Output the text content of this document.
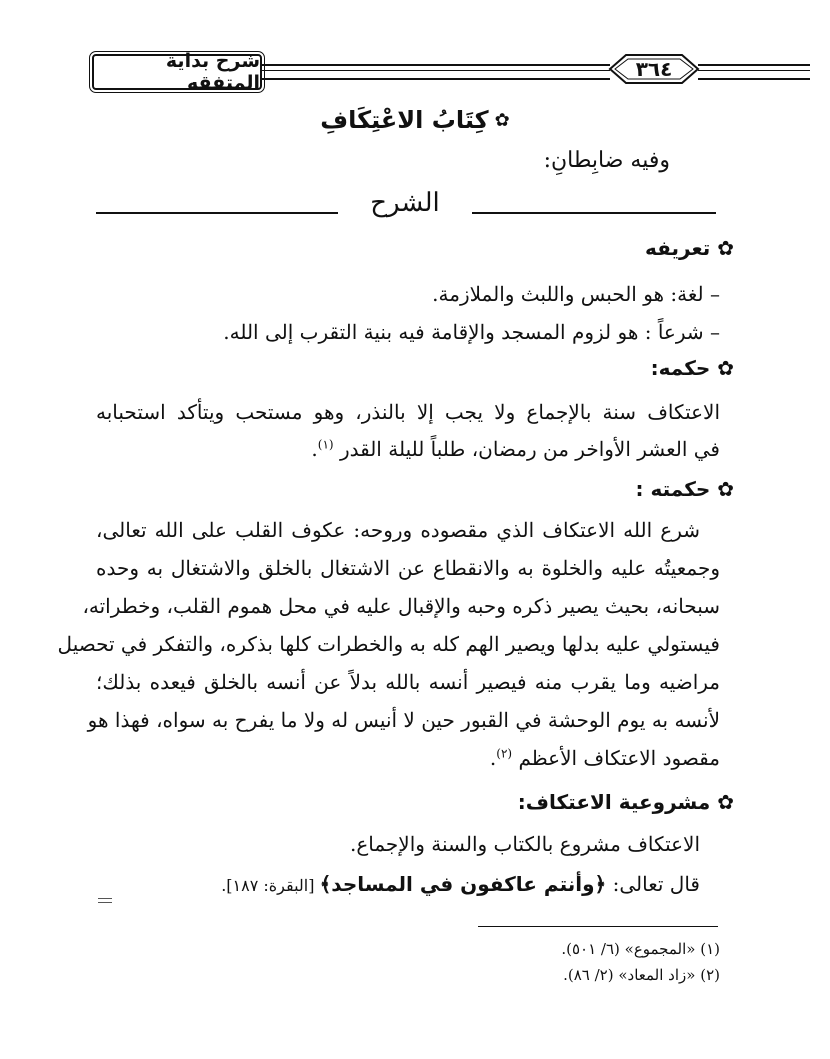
شرح بداية المتفقه
٣٦٤
✿
كِتَابُ الاعْتِكَافِ
وفيه ضابِطانِ:
الشرح
✿ تعريفه
– لغة: هو الحبس واللبث والملازمة.
– شرعاً : هو لزوم المسجد والإقامة فيه بنية التقرب إلى الله.
✿ حكمه:
الاعتكاف سنة بالإجماع ولا يجب إلا بالنذر، وهو مستحب ويتأكد استحبابه
في العشر الأواخر من رمضان، طلباً لليلة القدر $^{(١)}$.
✿ حكمته :
شرع الله الاعتكاف الذي مقصوده وروحه: عكوف القلب على الله تعالى،
وجمعيتُه عليه والخلوة به والانقطاع عن الاشتغال بالخلق والاشتغال به وحده
سبحانه، بحيث يصير ذكره وحبه والإقبال عليه في محل هموم القلب، وخطراته،
فيستولي عليه بدلها ويصير الهم كله به والخطرات كلها بذكره، والتفكر في تحصيل
مراضيه وما يقرب منه فيصير أنسه بالله بدلاً عن أنسه بالخلق فيعده بذلك؛
لأنسه به يوم الوحشة في القبور حين لا أنيس له ولا ما يفرح به سواه، فهذا هو
مقصود الاعتكاف الأعظم $^{(٢)}$.
✿ مشروعية الاعتكاف:
الاعتكاف مشروع بالكتاب والسنة والإجماع.
قال تعالى: ﴿وأنتم عاكفون في المساجد﴾ [البقرة: ١٨٧].
(١) «المجموع» (٦/ ٥٠١).
(٢) «زاد المعاد» (٢/ ٨٦).
